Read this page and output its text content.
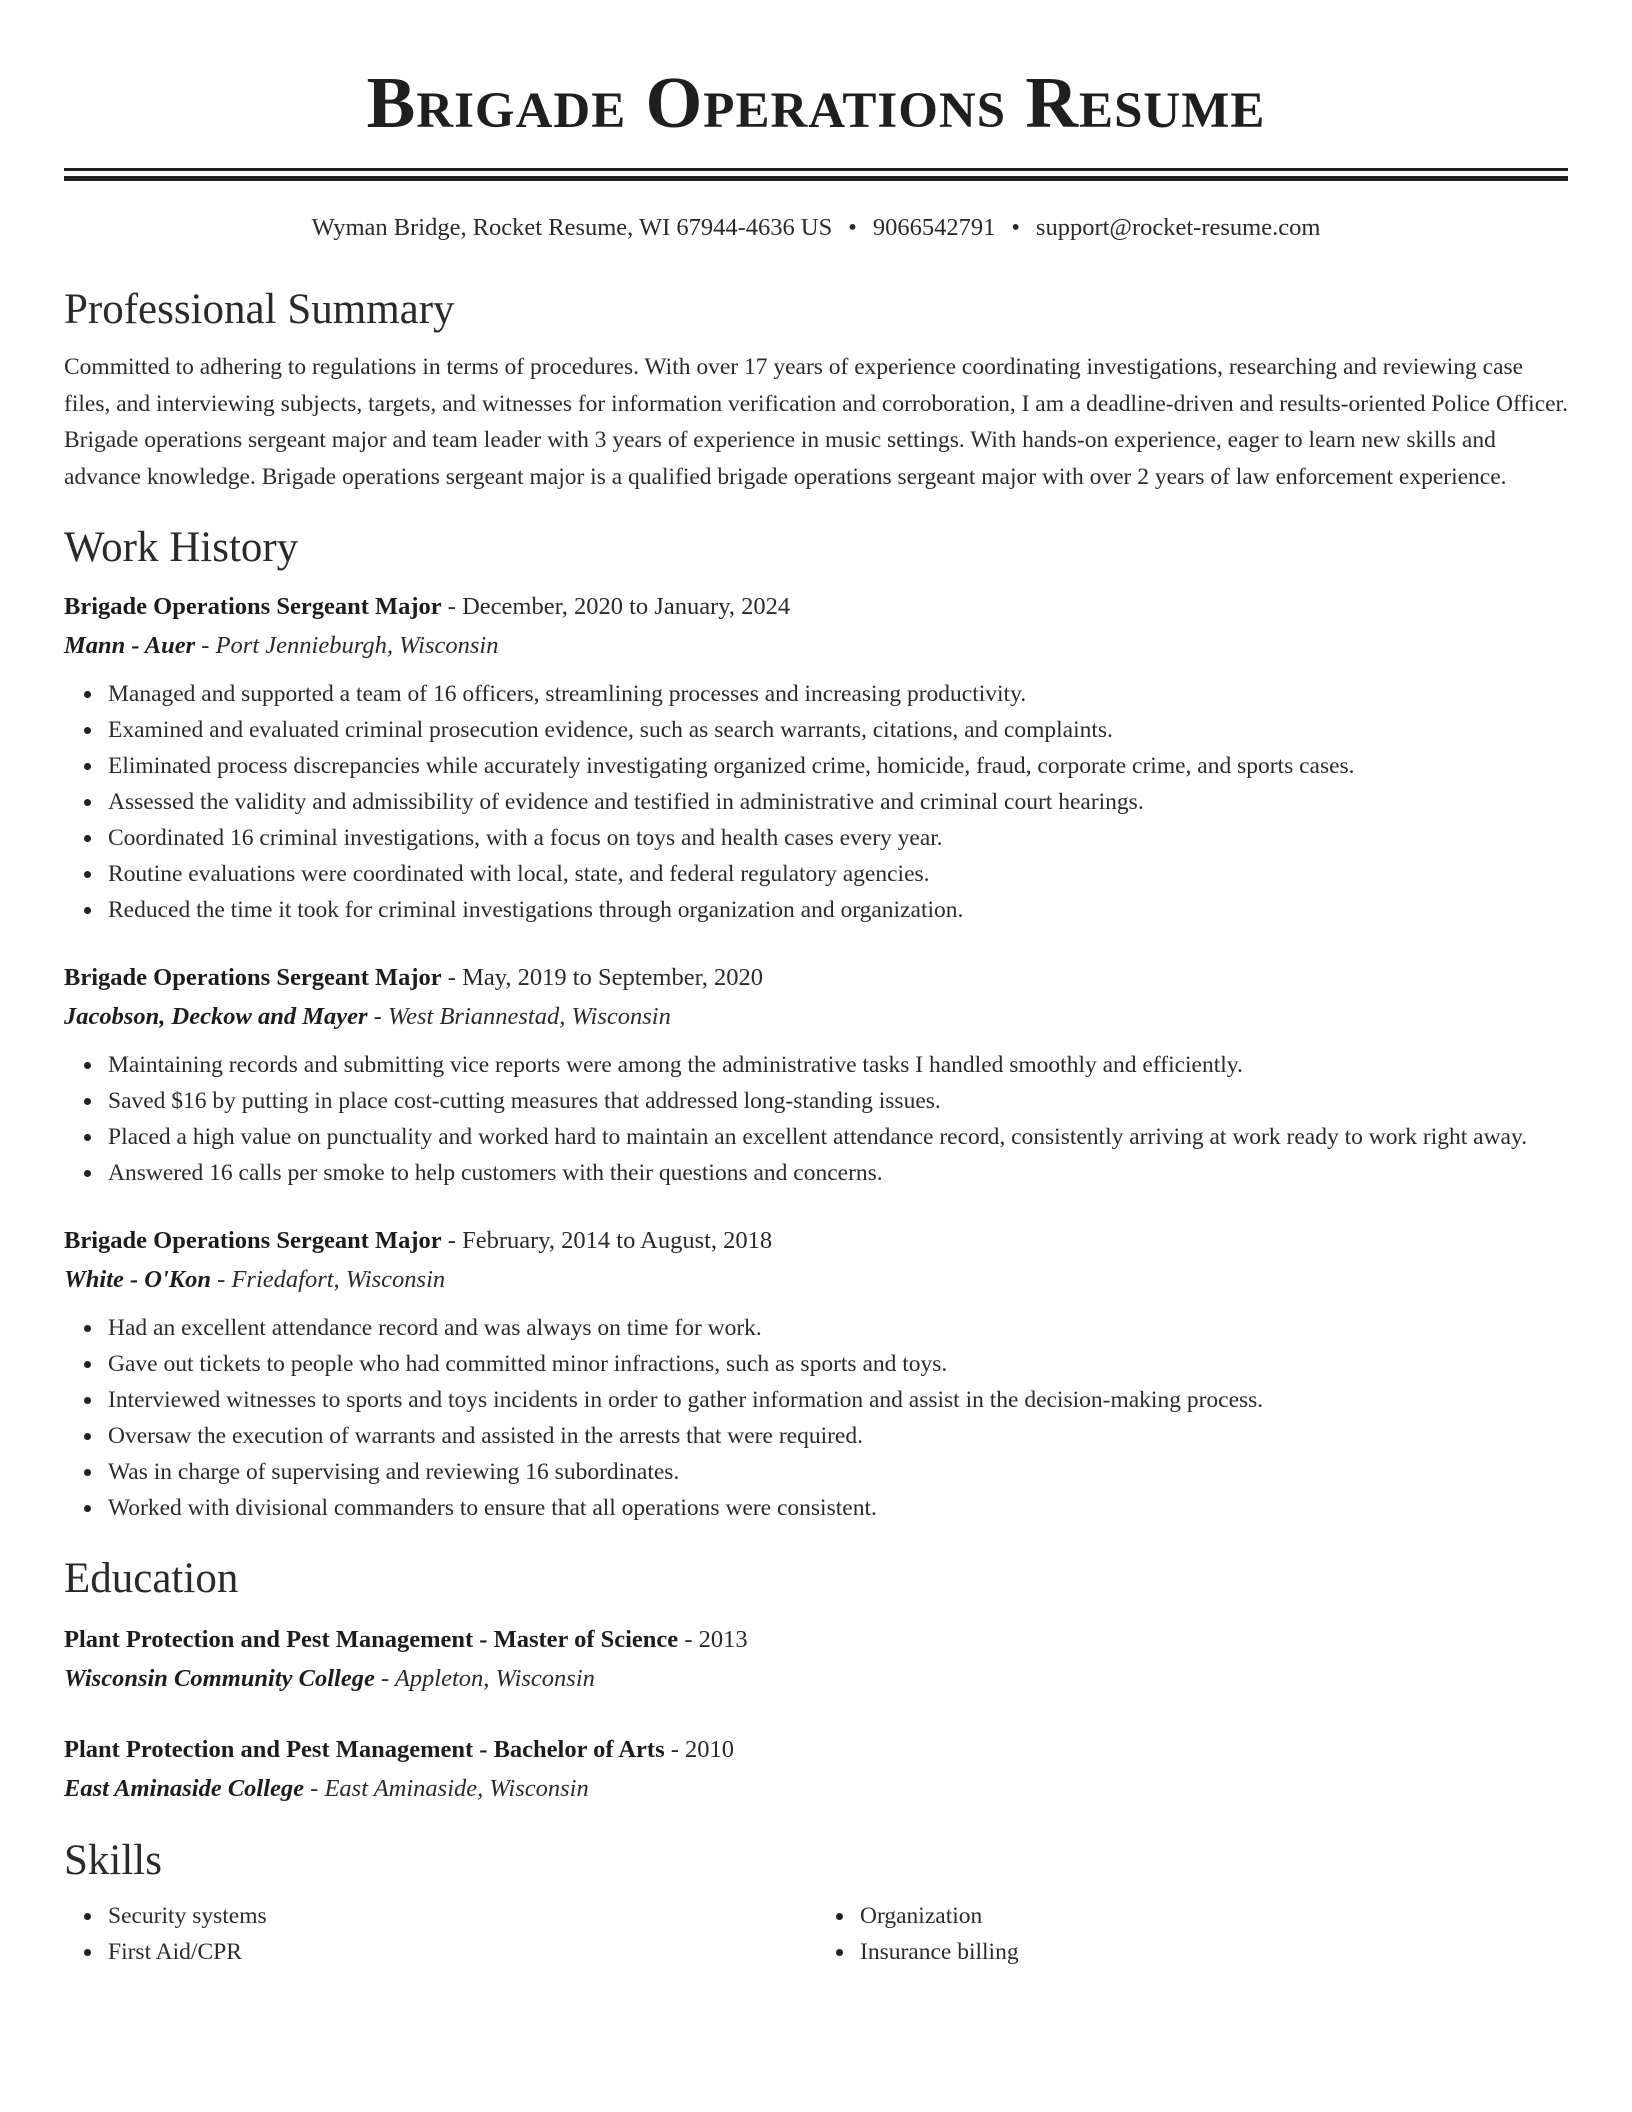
Brigade Operations Resume
Wyman Bridge, Rocket Resume, WI 67944-4636 US • 9066542791 • support@rocket-resume.com
Professional Summary

Committed to adhering to regulations in terms of procedures. With over 17 years of experience coordinating investigations, researching and reviewing case files, and interviewing subjects, targets, and witnesses for information verification and corroboration, I am a deadline-driven and results-oriented Police Officer. Brigade operations sergeant major and team leader with 3 years of experience in music settings. With hands-on experience, eager to learn new skills and advance knowledge. Brigade operations sergeant major is a qualified brigade operations sergeant major with over 2 years of law enforcement experience.

Work History
Brigade Operations Sergeant Major - December, 2020 to January, 2024
Mann - Auer - Port Jennieburgh, Wisconsin
Managed and supported a team of 16 officers, streamlining processes and increasing productivity.
Examined and evaluated criminal prosecution evidence, such as search warrants, citations, and complaints.
Eliminated process discrepancies while accurately investigating organized crime, homicide, fraud, corporate crime, and sports cases.
Assessed the validity and admissibility of evidence and testified in administrative and criminal court hearings.
Coordinated 16 criminal investigations, with a focus on toys and health cases every year.
Routine evaluations were coordinated with local, state, and federal regulatory agencies.
Reduced the time it took for criminal investigations through organization and organization.
Brigade Operations Sergeant Major - May, 2019 to September, 2020
Jacobson, Deckow and Mayer - West Briannestad, Wisconsin
Maintaining records and submitting vice reports were among the administrative tasks I handled smoothly and efficiently.
Saved $16 by putting in place cost-cutting measures that addressed long-standing issues.
Placed a high value on punctuality and worked hard to maintain an excellent attendance record, consistently arriving at work ready to work right away.
Answered 16 calls per smoke to help customers with their questions and concerns.
Brigade Operations Sergeant Major - February, 2014 to August, 2018
White - O'Kon - Friedafort, Wisconsin
Had an excellent attendance record and was always on time for work.
Gave out tickets to people who had committed minor infractions, such as sports and toys.
Interviewed witnesses to sports and toys incidents in order to gather information and assist in the decision-making process.
Oversaw the execution of warrants and assisted in the arrests that were required.
Was in charge of supervising and reviewing 16 subordinates.
Worked with divisional commanders to ensure that all operations were consistent.
Education
Plant Protection and Pest Management - Master of Science - 2013
Wisconsin Community College - Appleton, Wisconsin
Plant Protection and Pest Management - Bachelor of Arts - 2010
East Aminaside College - East Aminaside, Wisconsin
Skills
Security systems
First Aid/CPR
Organization
Insurance billing
